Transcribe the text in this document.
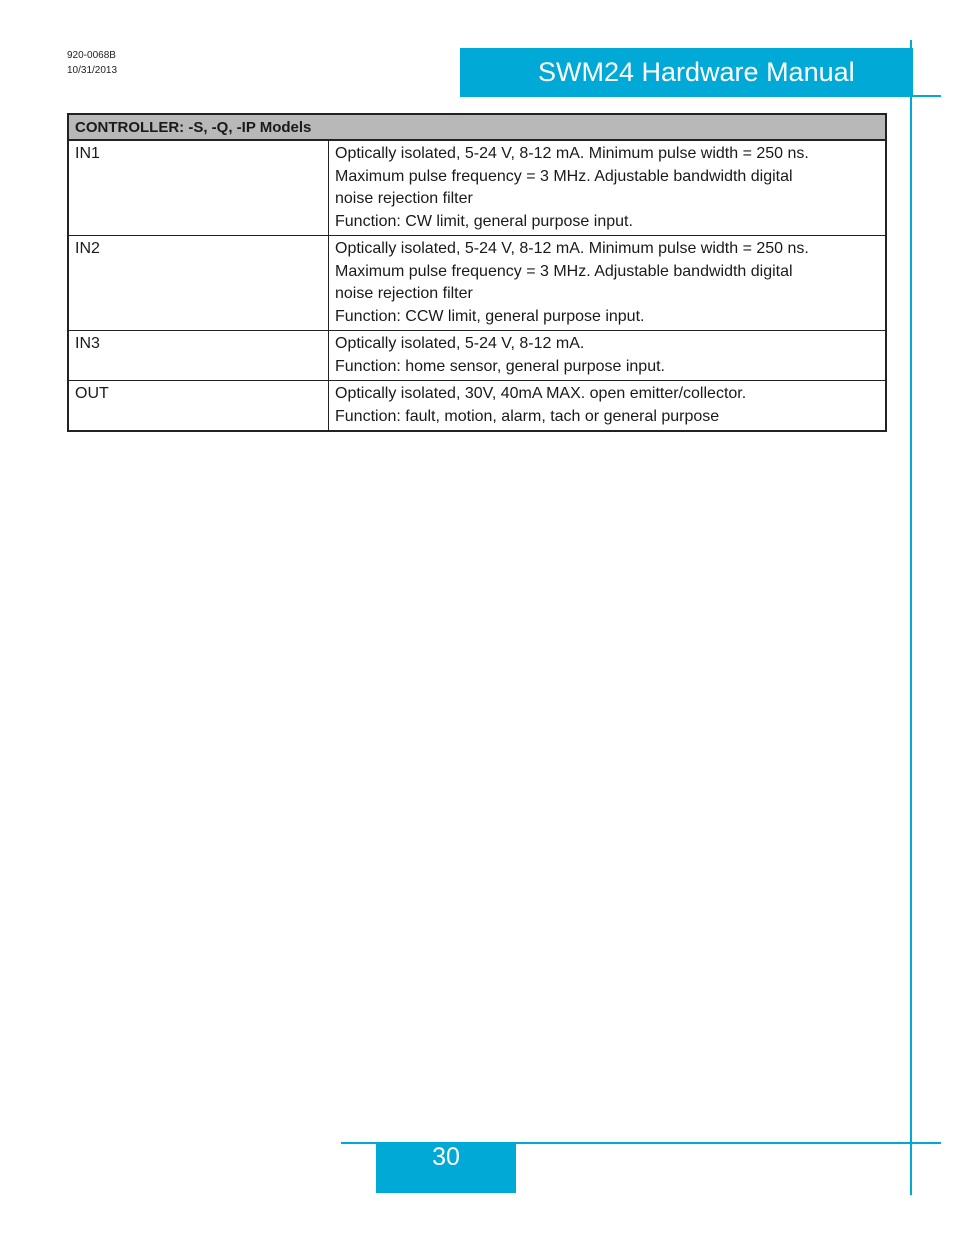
920-0068B
10/31/2013	SWM24 Hardware Manual
CONTROLLER: -S, -Q, -IP Models	
IN1	Optically isolated, 5-24 V, 8-12 mA. Minimum pulse width = 250 ns.
Maximum pulse frequency = 3 MHz. Adjustable bandwidth digital
noise rejection filter
Function: CW limit, general purpose input.

IN2	Optically isolated, 5-24 V, 8-12 mA. Minimum pulse width = 250 ns.
Maximum pulse frequency = 3 MHz. Adjustable bandwidth digital
noise rejection filter
Function: CCW limit, general purpose input.

IN3	Optically isolated, 5-24 V, 8-12 mA.
Function: home sensor, general purpose input.

OUT	Optically isolated, 30V, 40mA MAX. open emitter/collector.
Function: fault, motion, alarm, tach or general purpose
30
